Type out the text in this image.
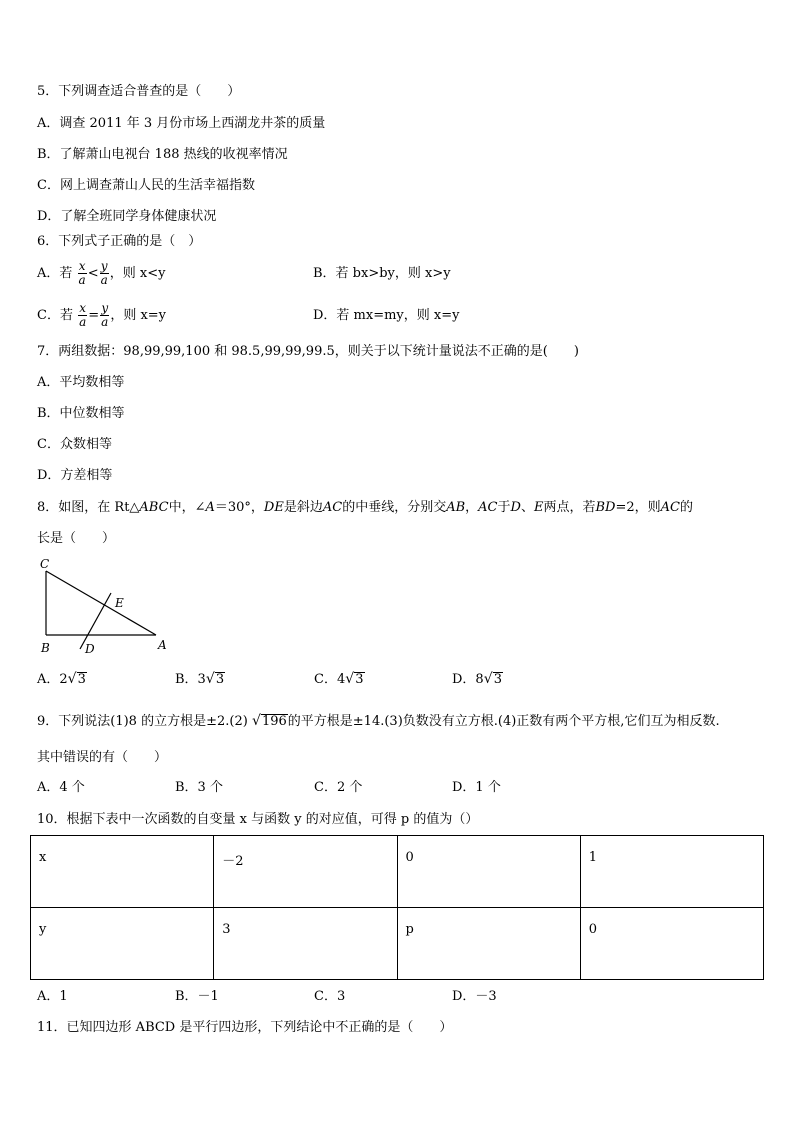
5．下列调查适合普查的是（　　）
A．调查 2011 年 3 月份市场上西湖龙井茶的质量
B．了解萧山电视台 188 热线的收视率情况
C．网上调查萧山人民的生活幸福指数
D．了解全班同学身体健康状况
6．下列式子正确的是（　）
A．若 $\frac{x}{a} < \frac{y}{a}$ ，则 x<y	B．若 bx>by，则 x>y
C．若 $\frac{x}{a} = \frac{y}{a}$ ，则 x=y	D．若 mx=my，则 x=y
7．两组数据：98,99,99,100 和 98.5,99,99,99.5，则关于以下统计量说法不正确的是(　　)
A．平均数相等
B．中位数相等
C．众数相等
D．方差相等
8．如图，在 Rt△ABC中，∠A＝30°，DE是斜边AC的中垂线，分别交AB，AC于D、E两点，若BD=2，则AC的
长是（　　）
C
E
B	D	A
A．2 √ 3	B．3 √ 3	C．4 √ 3	D．8 √ 3
9．下列说法(1)8 的立方根是±2.(2) √ 196的平方根是±14.(3)负数没有立方根.(4)正数有两个平方根,它们互为相反数.
其中错误的有（　　）
A．4 个	B．3 个	C．2 个	D．1 个
10．根据下表中一次函数的自变量 x 与函数 y 的对应值，可得 p 的值为（）
x	－2	0	1
y	3	p	0
A．1	B．－1	C．3	D．－3
11．已知四边形 ABCD 是平行四边形，下列结论中不正确的是（　　）
